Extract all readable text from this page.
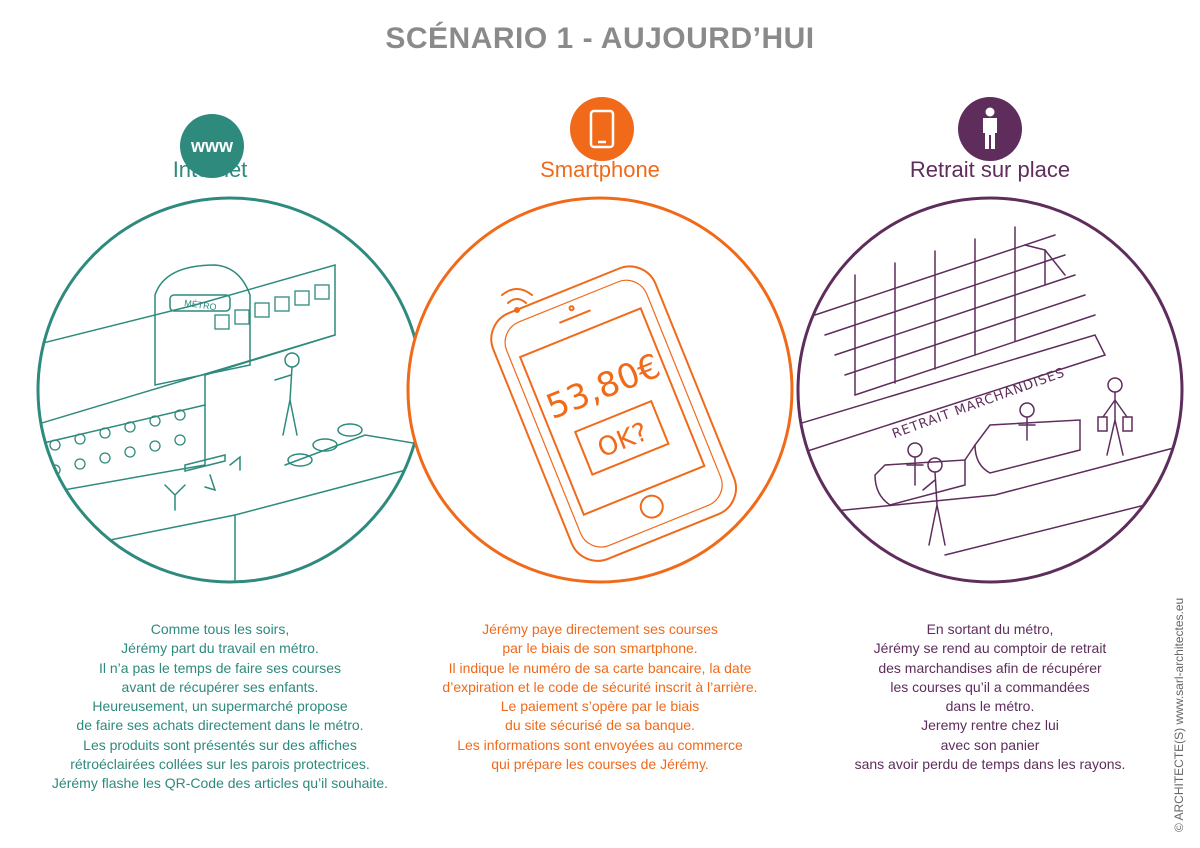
SCÉNARIO 1 - AUJOURD’HUI
www
Internet
MÉTRO
Comme tous les soirs,
Jérémy part du travail en métro.
Il n’a pas le temps de faire ses courses
avant de récupérer ses enfants.
Heureusement, un supermarché propose
de faire ses achats directement dans le métro.
Les produits sont présentés sur des affiches
rétroéclairées collées sur les parois protectrices.
Jérémy flashe les QR-Code des articles qu’il souhaite.
Smartphone
53,80€
OK?
Jérémy paye directement ses courses
par le biais de son smartphone.
Il indique le numéro de sa carte bancaire, la date
d’expiration et le code de sécurité inscrit à l’arrière.
Le paiement s’opère par le biais
du site sécurisé de sa banque.
Les informations sont envoyées au commerce
qui prépare les courses de Jérémy.
Retrait sur place
RETRAIT MARCHANDISES
En sortant du métro,
Jérémy se rend au comptoir de retrait
des marchandises afin de récupérer
les courses qu’il a commandées
dans le métro.
Jeremy rentre chez lui
avec son panier
sans avoir perdu de temps dans les rayons.	© ARCHITECTE(S) www.sarl-architectes.eu
